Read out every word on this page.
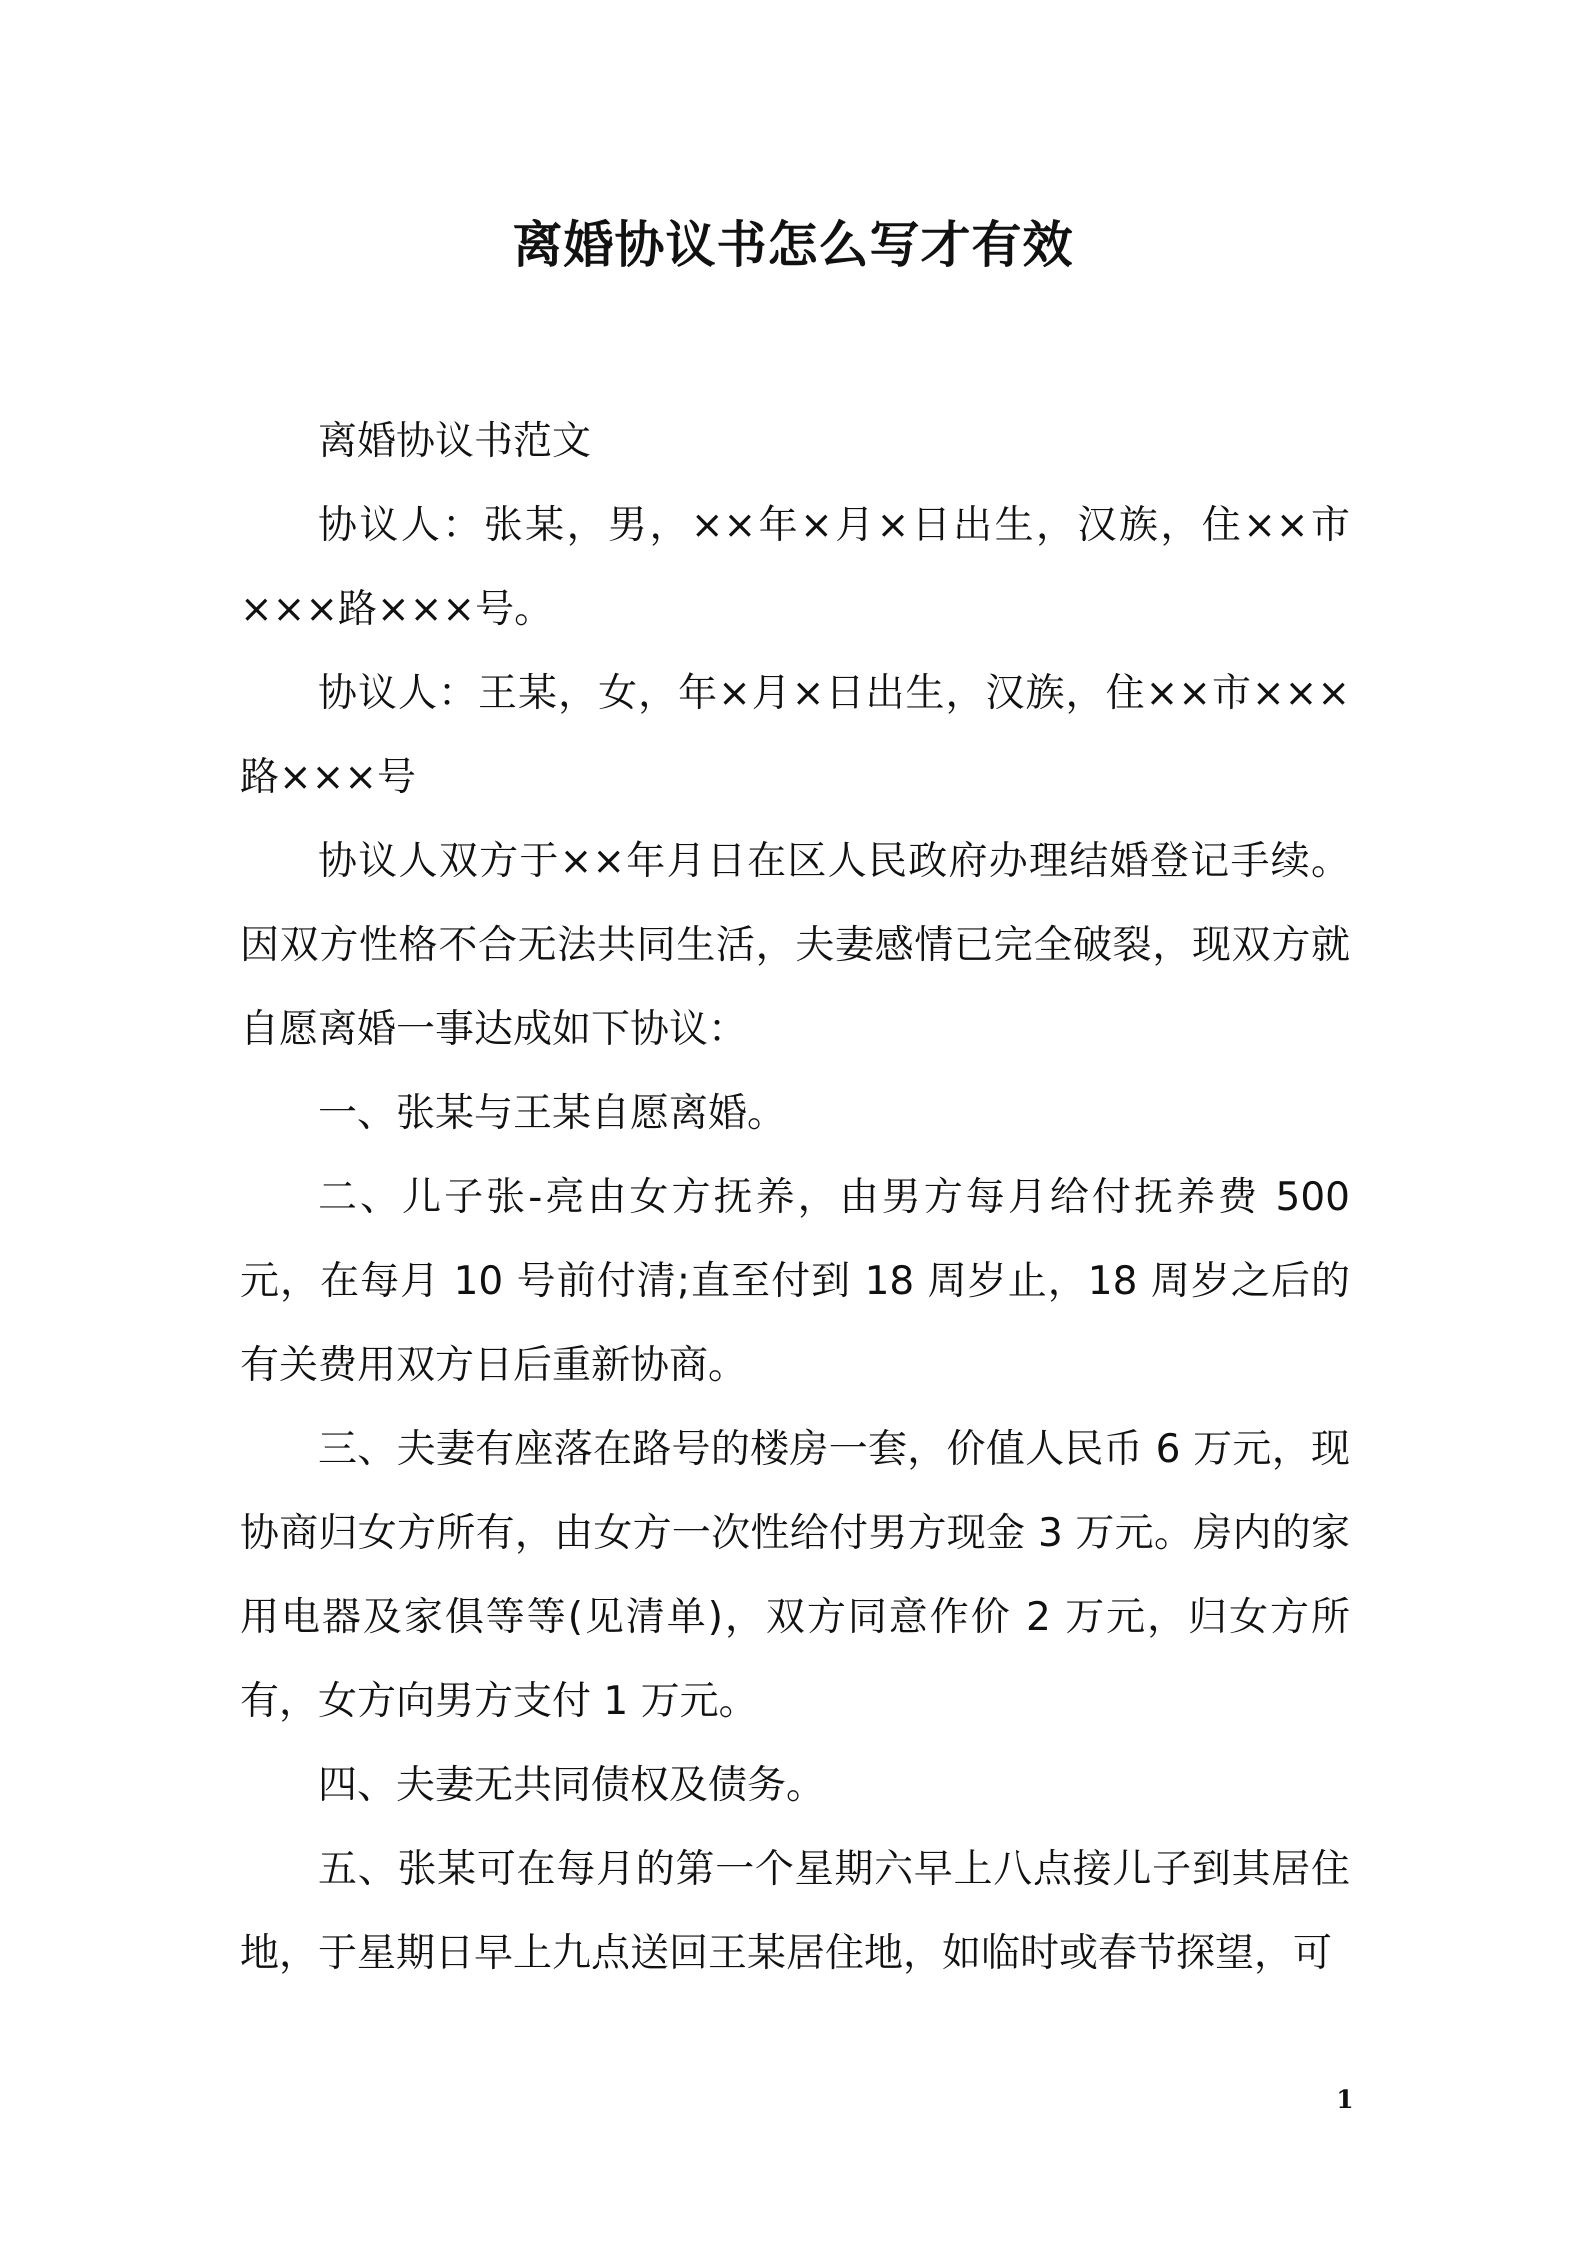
离婚协议书怎么写才有效

离婚协议书范文

协议人：张某，男，××年×月×日出生，汉族，住××市×××路×××号。

协议人：王某，女，年×月×日出生，汉族，住××市×××路×××号

协议人双方于××年月日在区人民政府办理结婚登记手续。因双方性格不合无法共同生活，夫妻感情已完全破裂，现双方就自愿离婚一事达成如下协议：

一、张某与王某自愿离婚。

二、儿子张-亮由女方抚养，由男方每月给付抚养费 500 元，在每月 10 号前付清;直至付到 18 周岁止，18 周岁之后的有关费用双方日后重新协商。

三、夫妻有座落在路号的楼房一套，价值人民币 6 万元，现协商归女方所有，由女方一次性给付男方现金 3 万元。房内的家用电器及家俱等等(见清单)，双方同意作价 2 万元，归女方所有，女方向男方支付 1 万元。

四、夫妻无共同债权及债务。

五、张某可在每月的第一个星期六早上八点接儿子到其居住地，于星期日早上九点送回王某居住地，如临时或春节探望，可

1
